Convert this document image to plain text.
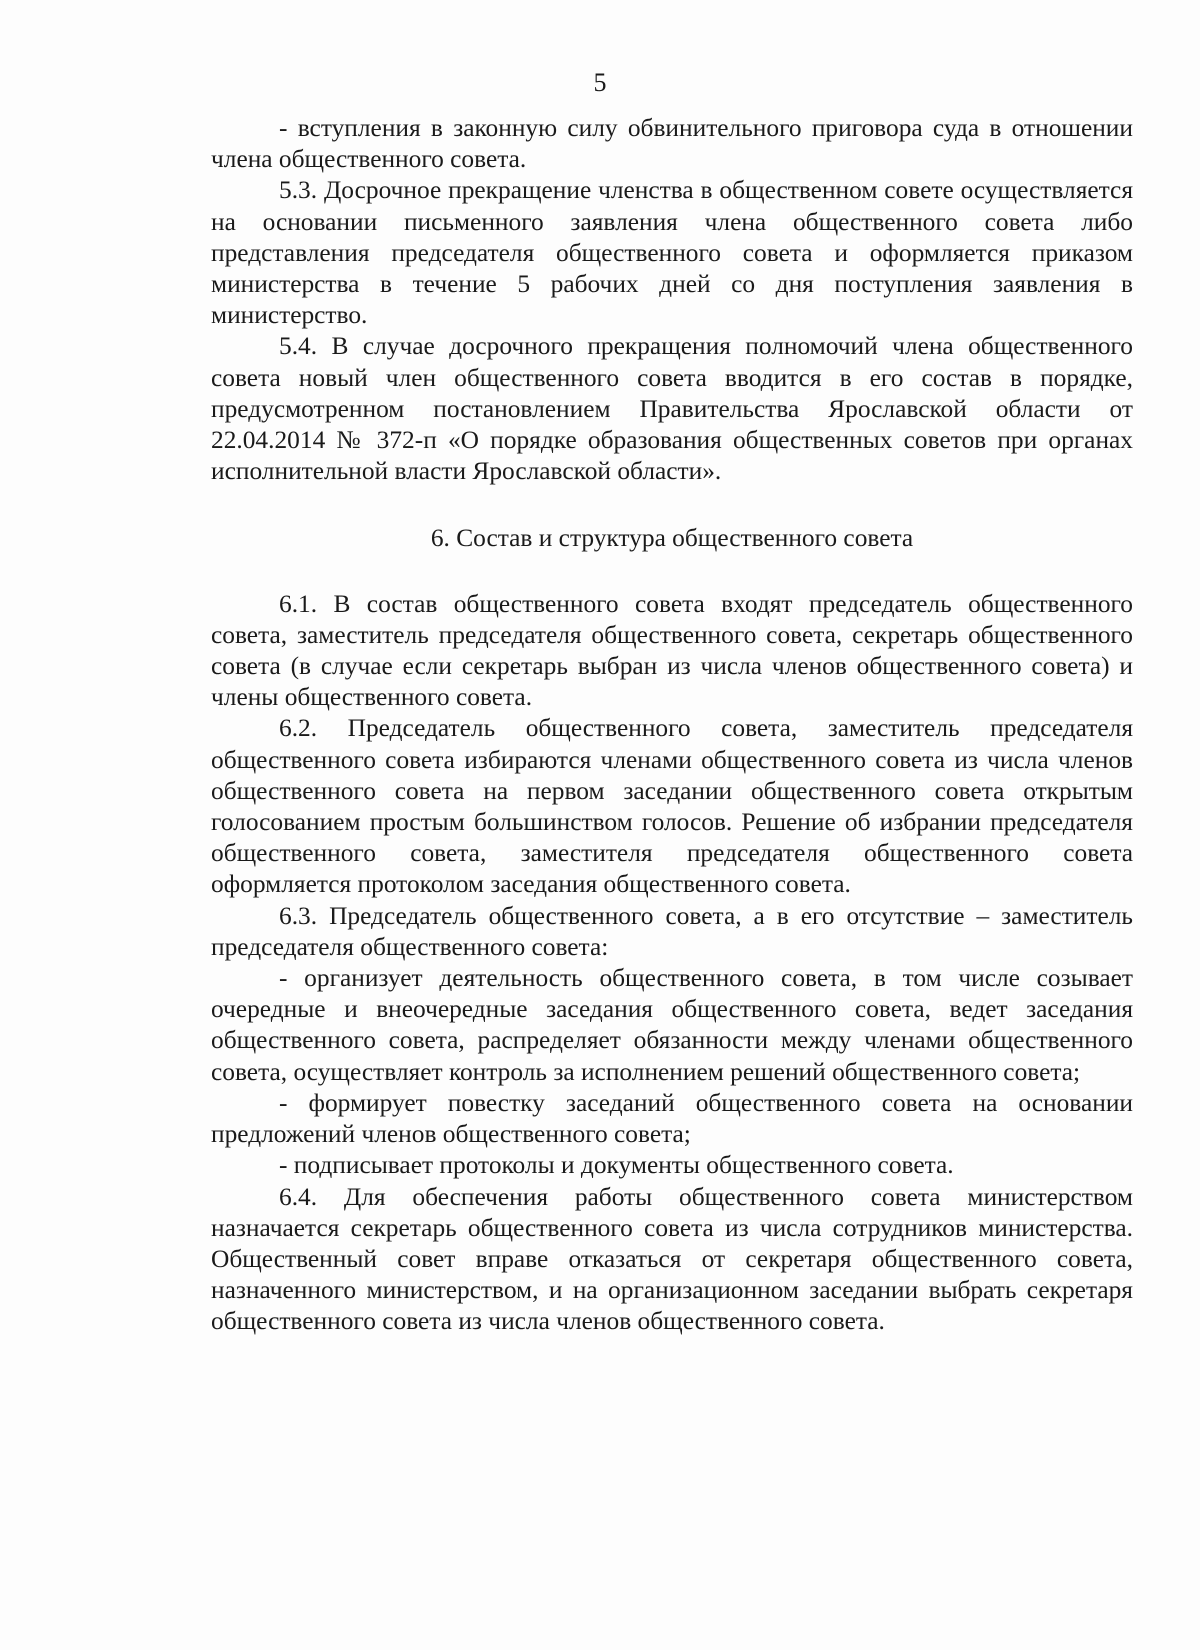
5

- вступления в законную силу обвинительного приговора суда в отношении члена общественного совета.

5.3. Досрочное прекращение членства в общественном совете осуществляется на основании письменного заявления члена общественного совета либо представления председателя общественного совета и оформляется приказом министерства в течение 5 рабочих дней со дня поступления заявления в министерство.

5.4. В случае досрочного прекращения полномочий члена общественного совета новый член общественного совета вводится в его состав в порядке, предусмотренном постановлением Правительства Ярославской области от 22.04.2014 № 372-п «О порядке образования общественных советов при органах исполнительной власти Ярославской области».

6. Состав и структура общественного совета

6.1. В состав общественного совета входят председатель общественного совета, заместитель председателя общественного совета, секретарь общественного совета (в случае если секретарь выбран из числа членов общественного совета) и члены общественного совета.

6.2. Председатель общественного совета, заместитель председателя общественного совета избираются членами общественного совета из числа членов общественного совета на первом заседании общественного совета открытым голосованием простым большинством голосов. Решение об избрании председателя общественного совета, заместителя председателя общественного совета оформляется протоколом заседания общественного совета.

6.3. Председатель общественного совета, а в его отсутствие – заместитель председателя общественного совета:

- организует деятельность общественного совета, в том числе созывает очередные и внеочередные заседания общественного совета, ведет заседания общественного совета, распределяет обязанности между членами общественного совета, осуществляет контроль за исполнением решений общественного совета;

- формирует повестку заседаний общественного совета на основании предложений членов общественного совета;

- подписывает протоколы и документы общественного совета.

6.4. Для обеспечения работы общественного совета министерством назначается секретарь общественного совета из числа сотрудников министерства. Общественный совет вправе отказаться от секретаря общественного совета, назначенного министерством, и на организационном заседании выбрать секретаря общественного совета из числа членов общественного совета.
